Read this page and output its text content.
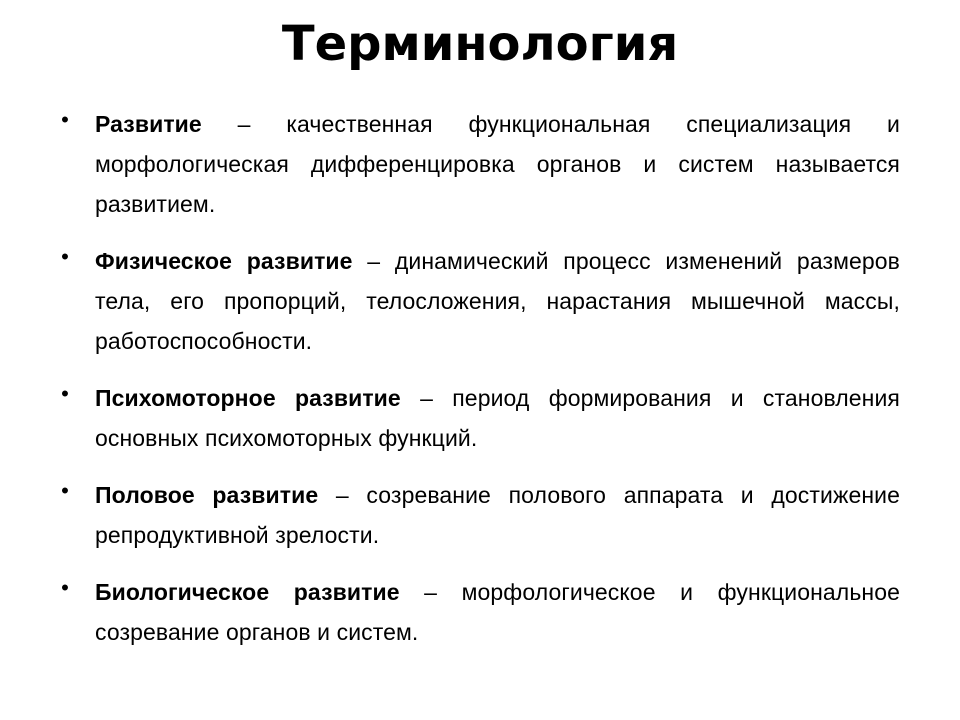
Терминология
• Развитие – качественная функциональная специализация и морфологическая дифференцировка органов и систем называется развитием.
• Физическое развитие – динамический процесс изменений размеров тела, его пропорций, телосложения, нарастания мышечной массы, работоспособности.
• Психомоторное развитие – период формирования и становления основных психомоторных функций.
• Половое развитие – созревание полового аппарата и достижение репродуктивной зрелости.
• Биологическое развитие – морфологическое и функциональное созревание органов и систем.
